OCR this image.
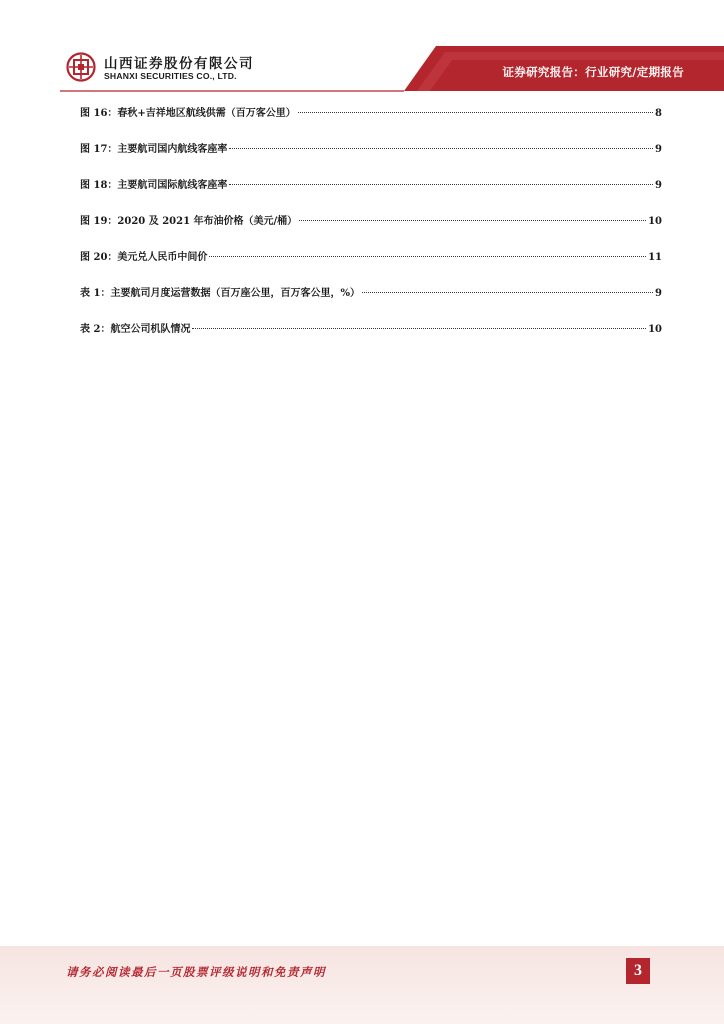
山西证券股份有限公司
SHANXI SECURITIES CO., LTD.	证券研究报告：行业研究/定期报告
图 16：春秋+吉祥地区航线供需（百万客公里）	8
图 17：主要航司国内航线客座率	9
图 18：主要航司国际航线客座率	9
图 19：2020 及 2021 年布油价格（美元/桶）	10
图 20：美元兑人民币中间价	11
表 1：主要航司月度运营数据（百万座公里，百万客公里，%）	9
表 2：航空公司机队情况	10
请务必阅读最后一页股票评级说明和免责声明	3
